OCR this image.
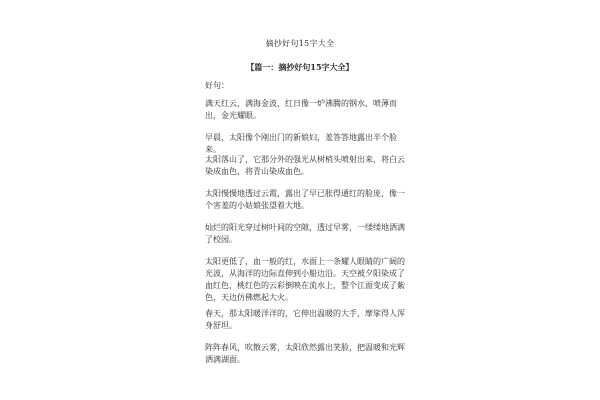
摘抄好句15字大全
【篇一：摘抄好句15字大全】
好句：
满天红云，满海金波，红日像一炉沸腾的钢水，喷薄而出，金光耀眼。
早晨，太阳像个刚出门的新娘妇，羞答答地露出半个脸来。
太阳落山了，它那分外的强光从树梢头喷射出来，将白云染成血色，将青山染成血色。
太阳慢慢地透过云霞，露出了早已胀得通红的脸庞，像一个害羞的小姑娘张望着大地。
灿烂的阳光穿过树叶间的空隙，透过早雾，一缕缕地洒满了校园。
太阳更低了，血一般的红，水面上一条耀人眼睛的广阔的光波，从海洋的边际直伸到小船边沿。天空被夕阳染成了血红色，桃红色的云彩倒映在流水上，整个江面变成了紫色，天边仿佛燃起大火。
春天，那太阳暖洋洋的，它伸出温暖的大手，摩挲得人浑身舒坦。
阵阵春风，吹散云雾，太阳欣然露出笑脸，把温暖和光辉洒满湖面。
